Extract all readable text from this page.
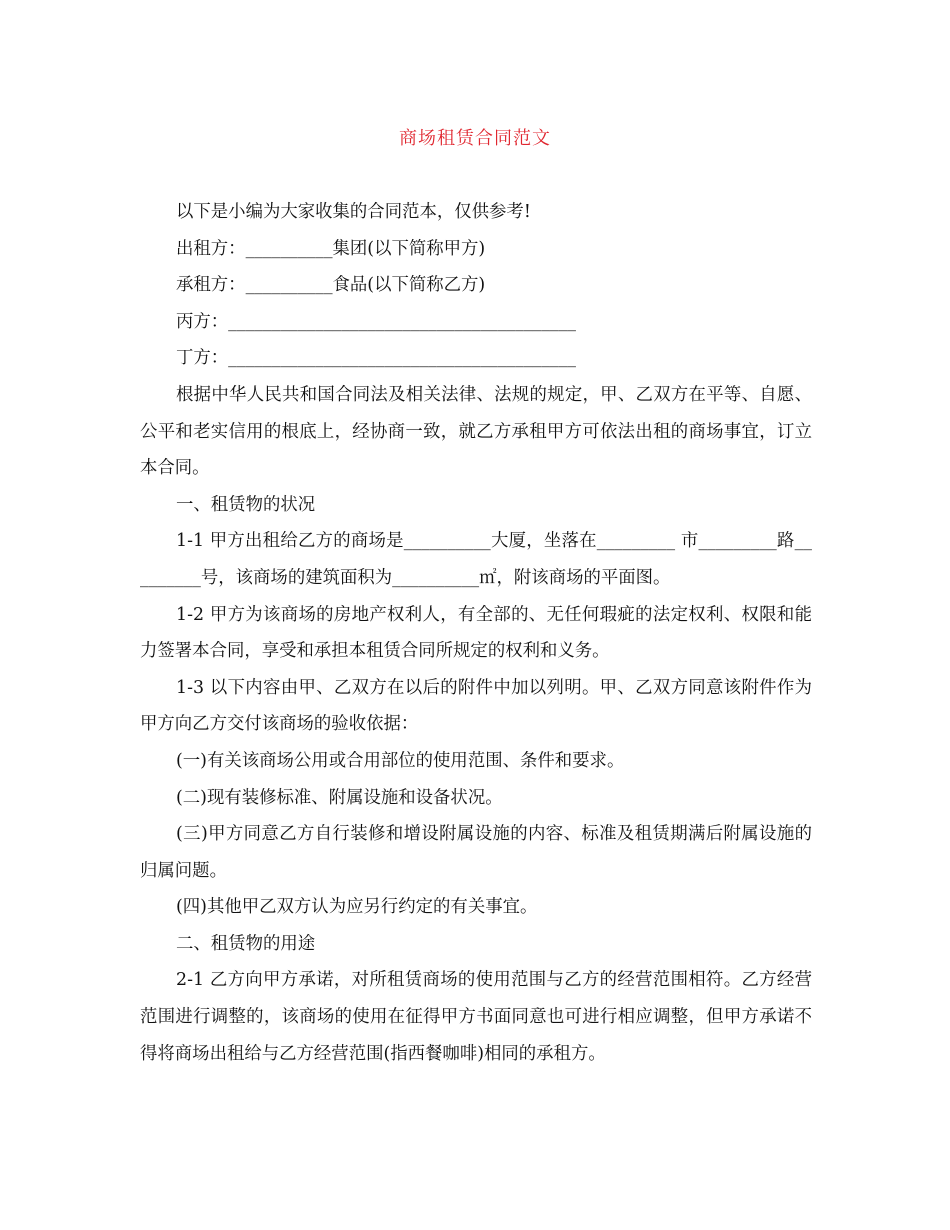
商场租赁合同范文

以下是小编为大家收集的合同范本，仅供参考!

出租方：__________集团(以下简称甲方)

承租方：__________食品(以下简称乙方)

丙方：________________________________________

丁方：________________________________________

根据中华人民共和国合同法及相关法律、法规的规定，甲、乙双方在平等、自愿、公平和老实信用的根底上，经协商一致，就乙方承租甲方可依法出租的商场事宜，订立本合同。

一、租赁物的状况

1-1 甲方出租给乙方的商场是__________大厦，坐落在_________ 市_________路_________号，该商场的建筑面积为__________㎡，附该商场的平面图。

1-2 甲方为该商场的房地产权利人，有全部的、无任何瑕疵的法定权利、权限和能力签署本合同，享受和承担本租赁合同所规定的权利和义务。

1-3 以下内容由甲、乙双方在以后的附件中加以列明。甲、乙双方同意该附件作为甲方向乙方交付该商场的验收依据：

(一)有关该商场公用或合用部位的使用范围、条件和要求。

(二)现有装修标准、附属设施和设备状况。

(三)甲方同意乙方自行装修和增设附属设施的内容、标准及租赁期满后附属设施的归属问题。

(四)其他甲乙双方认为应另行约定的有关事宜。

二、租赁物的用途

2-1 乙方向甲方承诺，对所租赁商场的使用范围与乙方的经营范围相符。乙方经营范围进行调整的，该商场的使用在征得甲方书面同意也可进行相应调整，但甲方承诺不得将商场出租给与乙方经营范围(指西餐咖啡)相同的承租方。
